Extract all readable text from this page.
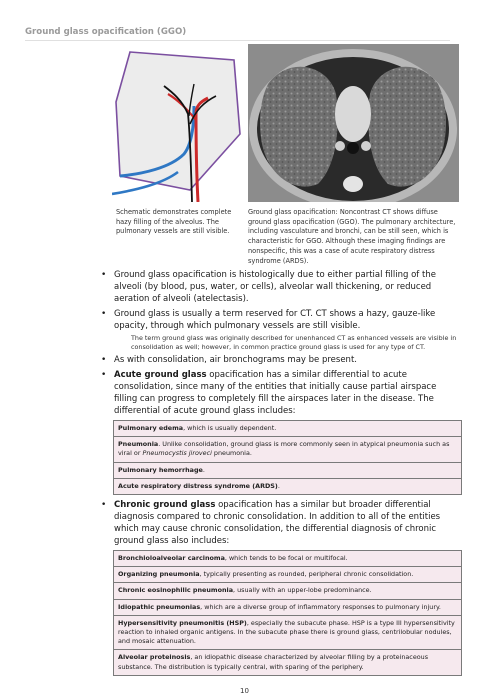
Ground glass opacification (GGO)
Schematic demonstrates complete hazy filling of the alveolus. The pulmonary vessels are still visible.
Ground glass opacification: Noncontrast CT shows diffuse ground glass opacification (GGO). The pulmonary architecture, including vasculature and bronchi, can be still seen, which is characteristic for GGO. Although these imaging findings are nonspecific, this was a case of acute respiratory distress syndrome (ARDS).
• Ground glass opacification is histologically due to either partial filling of the alveoli (by blood, pus, water, or cells), alveolar wall thickening, or reduced aeration of alveoli (atelectasis).
• Ground glass is usually a term reserved for CT. CT shows a hazy, gauze-like opacity, through which pulmonary vessels are still visible.
The term ground glass was originally described for unenhanced CT as enhanced vessels are visible in consolidation as well; however, in common practice ground glass is used for any type of CT.
• As with consolidation, air bronchograms may be present.
• Acute ground glass opacification has a similar differential to acute consolidation, since many of the entities that initially cause partial airspace filling can progress to completely fill the airspaces later in the disease. The differential of acute ground glass includes:
Pulmonary edema, which is usually dependent.
Pneumonia. Unlike consolidation, ground glass is more commonly seen in atypical pneumonia such as viral or Pneumocystis jiroveci pneumonia.
Pulmonary hemorrhage.
Acute respiratory distress syndrome (ARDS).
• Chronic ground glass opacification has a similar but broader differential diagnosis compared to chronic consolidation. In addition to all of the entities which may cause chronic consolidation, the differential diagnosis of chronic ground glass also includes:
Bronchioloalveolar carcinoma, which tends to be focal or multifocal.
Organizing pneumonia, typically presenting as rounded, peripheral chronic consolidation.
Chronic eosinophilic pneumonia, usually with an upper-lobe predominance.
Idiopathic pneumonias, which are a diverse group of inflammatory responses to pulmonary injury.
Hypersensitivity pneumonitis (HSP), especially the subacute phase. HSP is a type III hypersensitivity reaction to inhaled organic antigens. In the subacute phase there is ground glass, centrilobular nodules, and mosaic attenuation.
Alveolar proteinosis, an idiopathic disease characterized by alveolar filling by a proteinaceous substance. The distribution is typically central, with sparing of the periphery.
10
